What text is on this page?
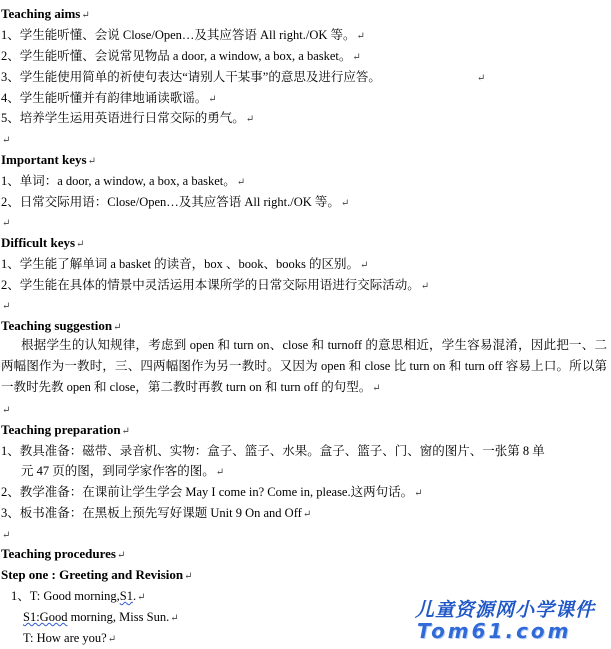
Teaching aims↵
1、学生能听懂、会说 Close/Open…及其应答语 All right./OK 等。↵
2、学生能听懂、会说常见物品 a door, a window, a box, a basket。↵
3、学生能使用简单的祈使句表达“请别人干某事”的意思及进行应答。	↵
4、学生能听懂并有韵律地诵读歌谣。↵
5、培养学生运用英语进行日常交际的勇气。↵
↵
Important keys↵
1、单词：a door, a window, a box, a basket。↵
2、日常交际用语：Close/Open…及其应答语 All right./OK 等。↵
↵
Difficult keys↵
1、学生能了解单词 a basket 的读音，box 、book、books 的区别。↵
2、学生能在具体的情景中灵活运用本课所学的日常交际用语进行交际活动。↵
↵
Teaching suggestion↵
根据学生的认知规律，考虑到 open 和 turn on、close 和 turnoff 的意思相近，学生容易混淆，因此把一、二两幅图作为一教时，三、四两幅图作为另一教时。又因为 open 和 close 比 turn on 和 turn off 容易上口。所以第一教时先教 open 和 close，第二教时再教 turn on 和 turn off 的句型。↵
↵
Teaching preparation↵
1、教具准备：磁带、录音机、实物：盒子、篮子、水果。盒子、篮子、门、窗的图片、一张第 8 单
元 47 页的图，到同学家作客的图。↵
2、教学准备：在课前让学生学会 May I come in? Come in, please.这两句话。↵
3、板书准备：在黑板上预先写好课题 Unit 9 On and Off↵
↵
Teaching procedures↵
Step one : Greeting and Revision↵
1、T: Good morning,S1.↵
S1:Good morning, Miss Sun.↵
T: How are you?↵
儿童资源网小学课件
Tom61.com
